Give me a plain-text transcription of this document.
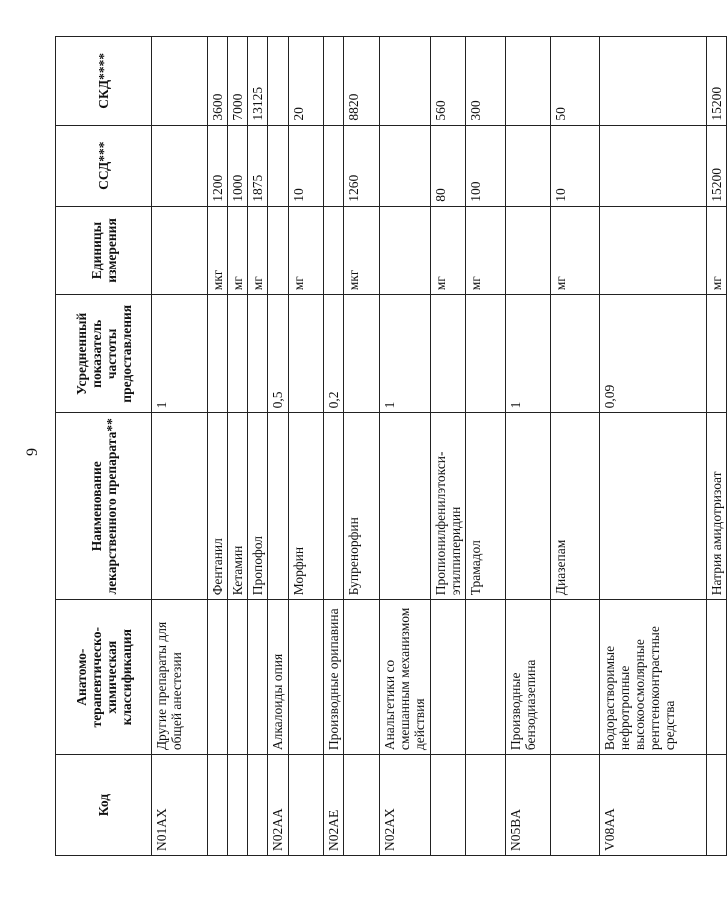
9
Код	Анатомо-терапевтическо-химическая классификация	Наименование лекарственного препарата**	Усредненный показатель частоты предоставления	Единицы измерения	ССД***	СКД****
N01AX	Другие препараты для общей анестезии		1			
		Фентанил		мкг	1200	3600
		Кетамин		мг	1000	7000
		Пропофол		мг	1875	13125
N02AA	Алкалоиды опия		0,5			
		Морфин		мг	10	20
N02AE	Производные орипавина		0,2			
		Бупренорфин		мкг	1260	8820
N02AX	Анальгетики со смешанным механизмом действия		1			
		Пропионилфенилэтокси-этилпиперидин		мг	80	560
		Трамадол		мг	100	300
N05BA	Производные бензодиазепина		1			
		Диазепам		мг	10	50
V08AA	Водорастворимые нефротропные высокоосмолярные рентгеноконтрастные средства		0,09			
		Натрия амидотризоат		мг	15200	15200
